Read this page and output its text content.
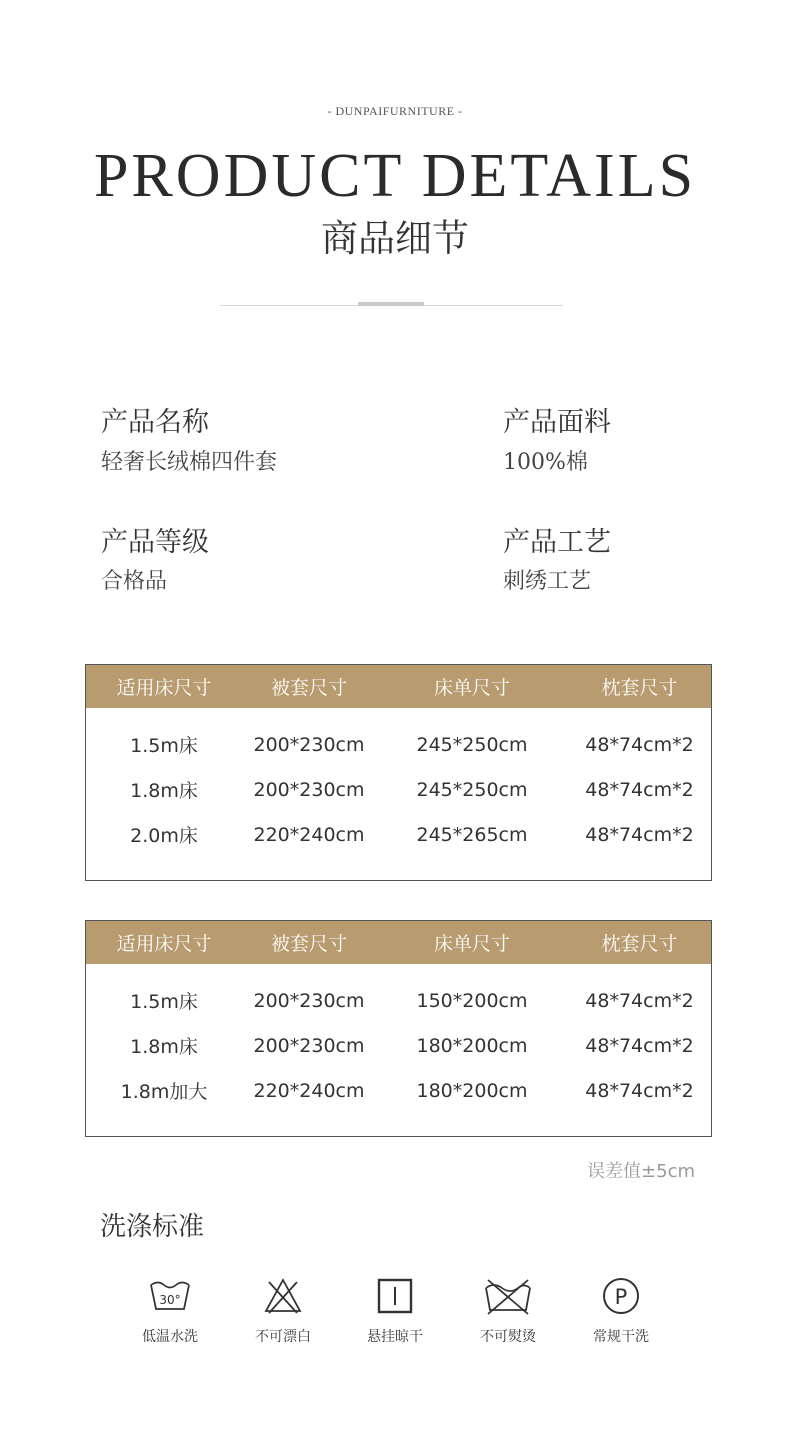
- DUNPAIFURNITURE -
PRODUCT DETAILS
商品细节
产品名称
轻奢长绒棉四件套
产品面料
100%棉
产品等级
合格品
产品工艺
刺绣工艺
适用床尺寸	被套尺寸	床单尺寸	枕套尺寸
1.5m床	200*230cm	245*250cm	48*74cm*2
1.8m床	200*230cm	245*250cm	48*74cm*2
2.0m床	220*240cm	245*265cm	48*74cm*2
适用床尺寸	被套尺寸	床单尺寸	枕套尺寸
1.5m床	200*230cm	150*200cm	48*74cm*2
1.8m床	200*230cm	180*200cm	48*74cm*2
1.8m加大	220*240cm	180*200cm	48*74cm*2
误差值±5cm
洗涤标准
30°
低温水洗	不可漂白	悬挂晾干	不可熨烫
P
常规干洗
